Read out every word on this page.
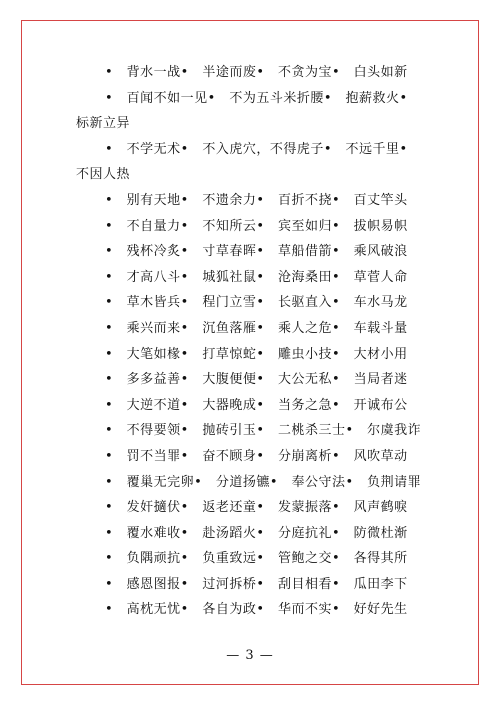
•　背水一战•　半途而废•　不贪为宝•　白头如新
•　百闻不如一见•　不为五斗米折腰•　抱薪救火•
标新立异
•　不学无术•　不入虎穴，不得虎子•　不远千里•
不因人热
•　别有天地•　不遗余力•　百折不挠•　百丈竿头
•　不自量力•　不知所云•　宾至如归•　拔帜易帜
•　残杯冷炙•　寸草春晖•　草船借箭•　乘风破浪
•　才高八斗•　城狐社鼠•　沧海桑田•　草菅人命
•　草木皆兵•　程门立雪•　长驱直入•　车水马龙
•　乘兴而来•　沉鱼落雁•　乘人之危•　车载斗量
•　大笔如椽•　打草惊蛇•　雕虫小技•　大材小用
•　多多益善•　大腹便便•　大公无私•　当局者迷
•　大逆不道•　大器晚成•　当务之急•　开诚布公
•　不得要领•　抛砖引玉•　二桃杀三士•　尔虞我诈
•　罚不当罪•　奋不顾身•　分崩离析•　风吹草动
•　覆巢无完卵•　分道扬镳•　奉公守法•　负荆请罪
•　发奸擿伏•　返老还童•　发蒙振落•　风声鹤唳
•　覆水难收•　赴汤蹈火•　分庭抗礼•　防微杜渐
•　负隅顽抗•　负重致远•　管鲍之交•　各得其所
•　感恩图报•　过河拆桥•　刮目相看•　瓜田李下
•　高枕无忧•　各自为政•　华而不实•　好好先生
— 3 —
